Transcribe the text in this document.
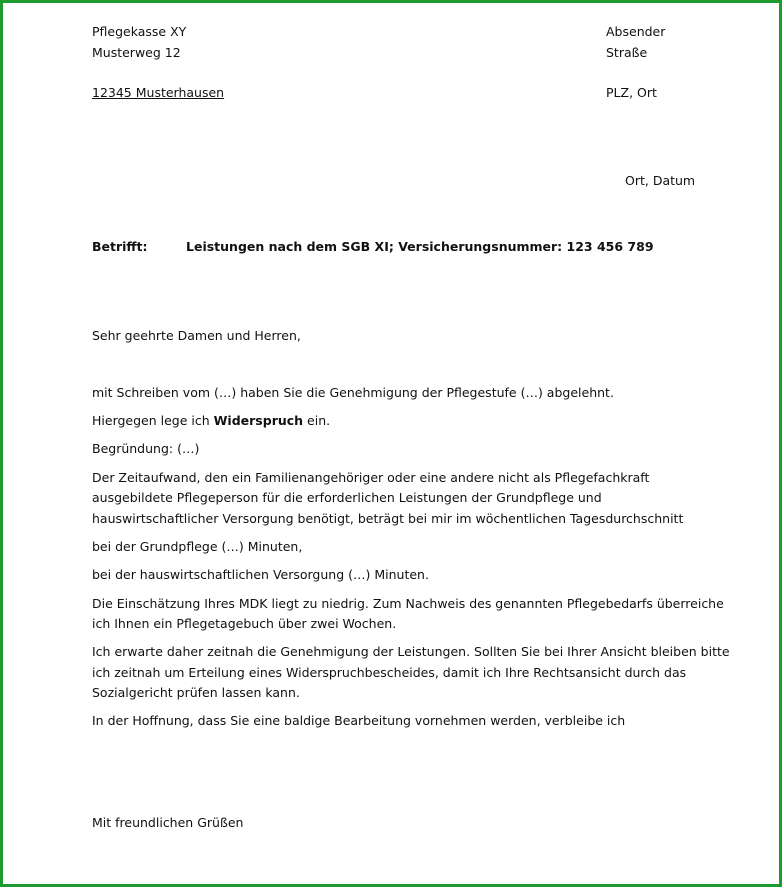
Pflegekasse XY
Musterweg 12
12345 Musterhausen
Absender
Straße
PLZ, Ort
Ort, Datum
Betrifft:	Leistungen nach dem SGB XI; Versicherungsnummer: 123 456 789
Sehr geehrte Damen und Herren,
mit Schreiben vom (…) haben Sie die Genehmigung der Pflegestufe (…) abgelehnt.
Hiergegen lege ich Widerspruch ein.
Begründung: (…)
Der Zeitaufwand, den ein Familienangehöriger oder eine andere nicht als Pflegefachkraft
ausgebildete Pflegeperson für die erforderlichen Leistungen der Grundpflege und
hauswirtschaftlicher Versorgung benötigt, beträgt bei mir im wöchentlichen Tagesdurchschnitt
bei der Grundpflege (…) Minuten,
bei der hauswirtschaftlichen Versorgung (…) Minuten.
Die Einschätzung Ihres MDK liegt zu niedrig. Zum Nachweis des genannten Pflegebedarfs überreiche
ich Ihnen ein Pflegetagebuch über zwei Wochen.
Ich erwarte daher zeitnah die Genehmigung der Leistungen. Sollten Sie bei Ihrer Ansicht bleiben bitte
ich zeitnah um Erteilung eines Widerspruchbescheides, damit ich Ihre Rechtsansicht durch das
Sozialgericht prüfen lassen kann.
In der Hoffnung, dass Sie eine baldige Bearbeitung vornehmen werden, verbleibe ich
Mit freundlichen Grüßen
